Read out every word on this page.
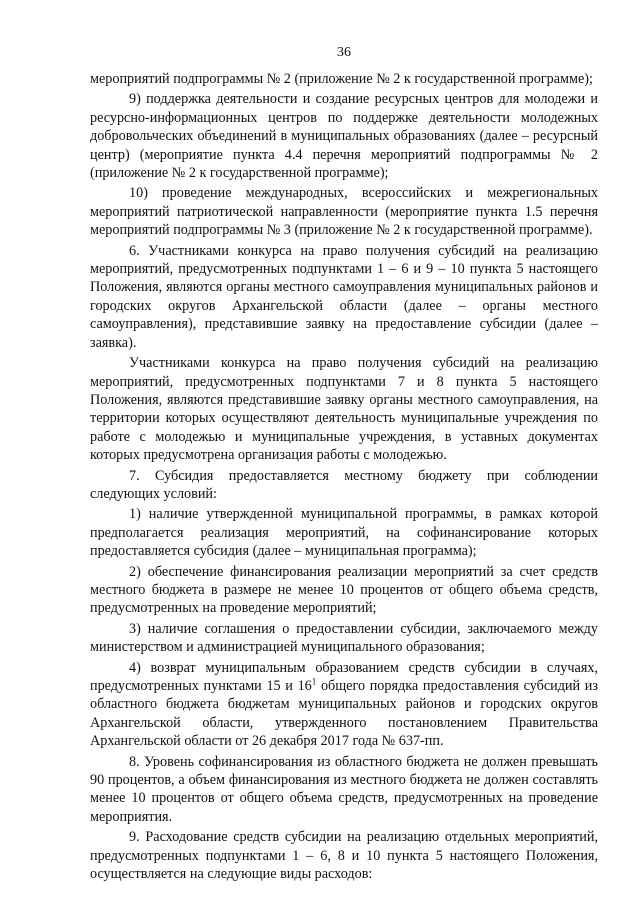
36

мероприятий подпрограммы № 2 (приложение № 2 к государственной программе);

9) поддержка деятельности и создание ресурсных центров для молодежи и ресурсно-информационных центров по поддержке деятельности молодежных добровольческих объединений в муниципальных образованиях (далее – ресурсный центр) (мероприятие пункта 4.4 перечня мероприятий подпрограммы № 2 (приложение № 2 к государственной программе);

10) проведение международных, всероссийских и межрегиональных мероприятий патриотической направленности (мероприятие пункта 1.5 перечня мероприятий подпрограммы № 3 (приложение № 2 к государственной программе).

6. Участниками конкурса на право получения субсидий на реализацию мероприятий, предусмотренных подпунктами 1 – 6 и 9 – 10 пункта 5 настоящего Положения, являются органы местного самоуправления муниципальных районов и городских округов Архангельской области (далее – органы местного самоуправления), представившие заявку на предоставление субсидии (далее – заявка).

Участниками конкурса на право получения субсидий на реализацию мероприятий, предусмотренных подпунктами 7 и 8 пункта 5 настоящего Положения, являются представившие заявку органы местного самоуправления, на территории которых осуществляют деятельность муниципальные учреждения по работе с молодежью и муниципальные учреждения, в уставных документах которых предусмотрена организация работы с молодежью.

7. Субсидия предоставляется местному бюджету при соблюдении следующих условий:

1) наличие утвержденной муниципальной программы, в рамках которой предполагается реализация мероприятий, на софинансирование которых предоставляется субсидия (далее – муниципальная программа);

2) обеспечение финансирования реализации мероприятий за счет средств местного бюджета в размере не менее 10 процентов от общего объема средств, предусмотренных на проведение мероприятий;

3) наличие соглашения о предоставлении субсидии, заключаемого между министерством и администрацией муниципального образования;

4) возврат муниципальным образованием средств субсидии в случаях, предусмотренных пунктами 15 и $16^1$ общего порядка предоставления субсидий из областного бюджета бюджетам муниципальных районов и городских округов Архангельской области, утвержденного постановлением Правительства Архангельской области от 26 декабря 2017 года № 637-пп.

8. Уровень софинансирования из областного бюджета не должен превышать 90 процентов, а объем финансирования из местного бюджета не должен составлять менее 10 процентов от общего объема средств, предусмотренных на проведение мероприятия.

9. Расходование средств субсидии на реализацию отдельных мероприятий, предусмотренных подпунктами 1 – 6, 8 и 10 пункта 5 настоящего Положения, осуществляется на следующие виды расходов:
